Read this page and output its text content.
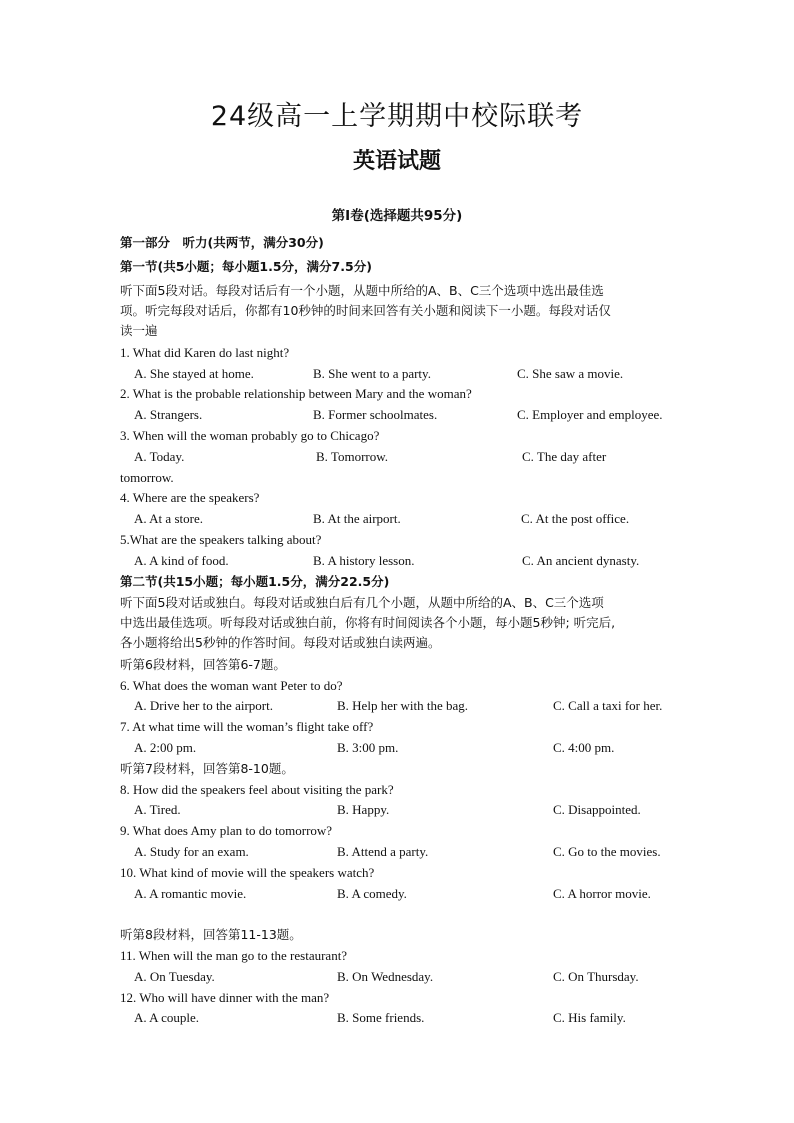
24级高一上学期期中校际联考
英语试题
第Ⅰ卷(选择题共95分)
第一部分　听力(共两节，满分30分)
第一节(共5小题；每小题1.5分，满分7.5分)
听下面5段对话。每段对话后有一个小题，从题中所给的A、B、C三个选项中选出最佳选
项。听完每段对话后，你都有10秒钟的时间来回答有关小题和阅读下一小题。每段对话仅
读一遍
1. What did Karen do last night?
A. She stayed at home.	B. She went to a party.	C. She saw a movie.
2. What is the probable relationship between Mary and the woman?
A. Strangers.	B. Former schoolmates.	C. Employer and employee.
3. When will the woman probably go to Chicago?
A. Today.	B. Tomorrow.	C. The day after
tomorrow.
4. Where are the speakers?
A. At a store.	B. At the airport.	C. At the post office.
5.What are the speakers talking about?
A. A kind of food.	B. A history lesson.	C. An ancient dynasty.
第二节(共15小题；每小题1.5分，满分22.5分)
听下面5段对话或独白。每段对话或独白后有几个小题，从题中所给的A、B、C三个选项
中选出最佳选项。听每段对话或独白前，你将有时间阅读各个小题，每小题5秒钟; 听完后,
各小题将给出5秒钟的作答时间。每段对话或独白读两遍。
听第6段材料，回答第6-7题。
6. What does the woman want Peter to do?
A. Drive her to the airport.	B. Help her with the bag.	C. Call a taxi for her.
7. At what time will the woman’s flight take off?
A. 2:00 pm.	B. 3:00 pm.	C. 4:00 pm.
听第7段材料，回答第8-10题。
8. How did the speakers feel about visiting the park?
A. Tired.	B. Happy.	C. Disappointed.
9. What does Amy plan to do tomorrow?
A. Study for an exam.	B. Attend a party.	C. Go to the movies.
10. What kind of movie will the speakers watch?
A. A romantic movie.	B. A comedy.	C. A horror movie.
听第8段材料，回答第11-13题。
11. When will the man go to the restaurant?
A. On Tuesday.	B. On Wednesday.	C. On Thursday.
12. Who will have dinner with the man?
A. A couple.	B. Some friends.	C. His family.
